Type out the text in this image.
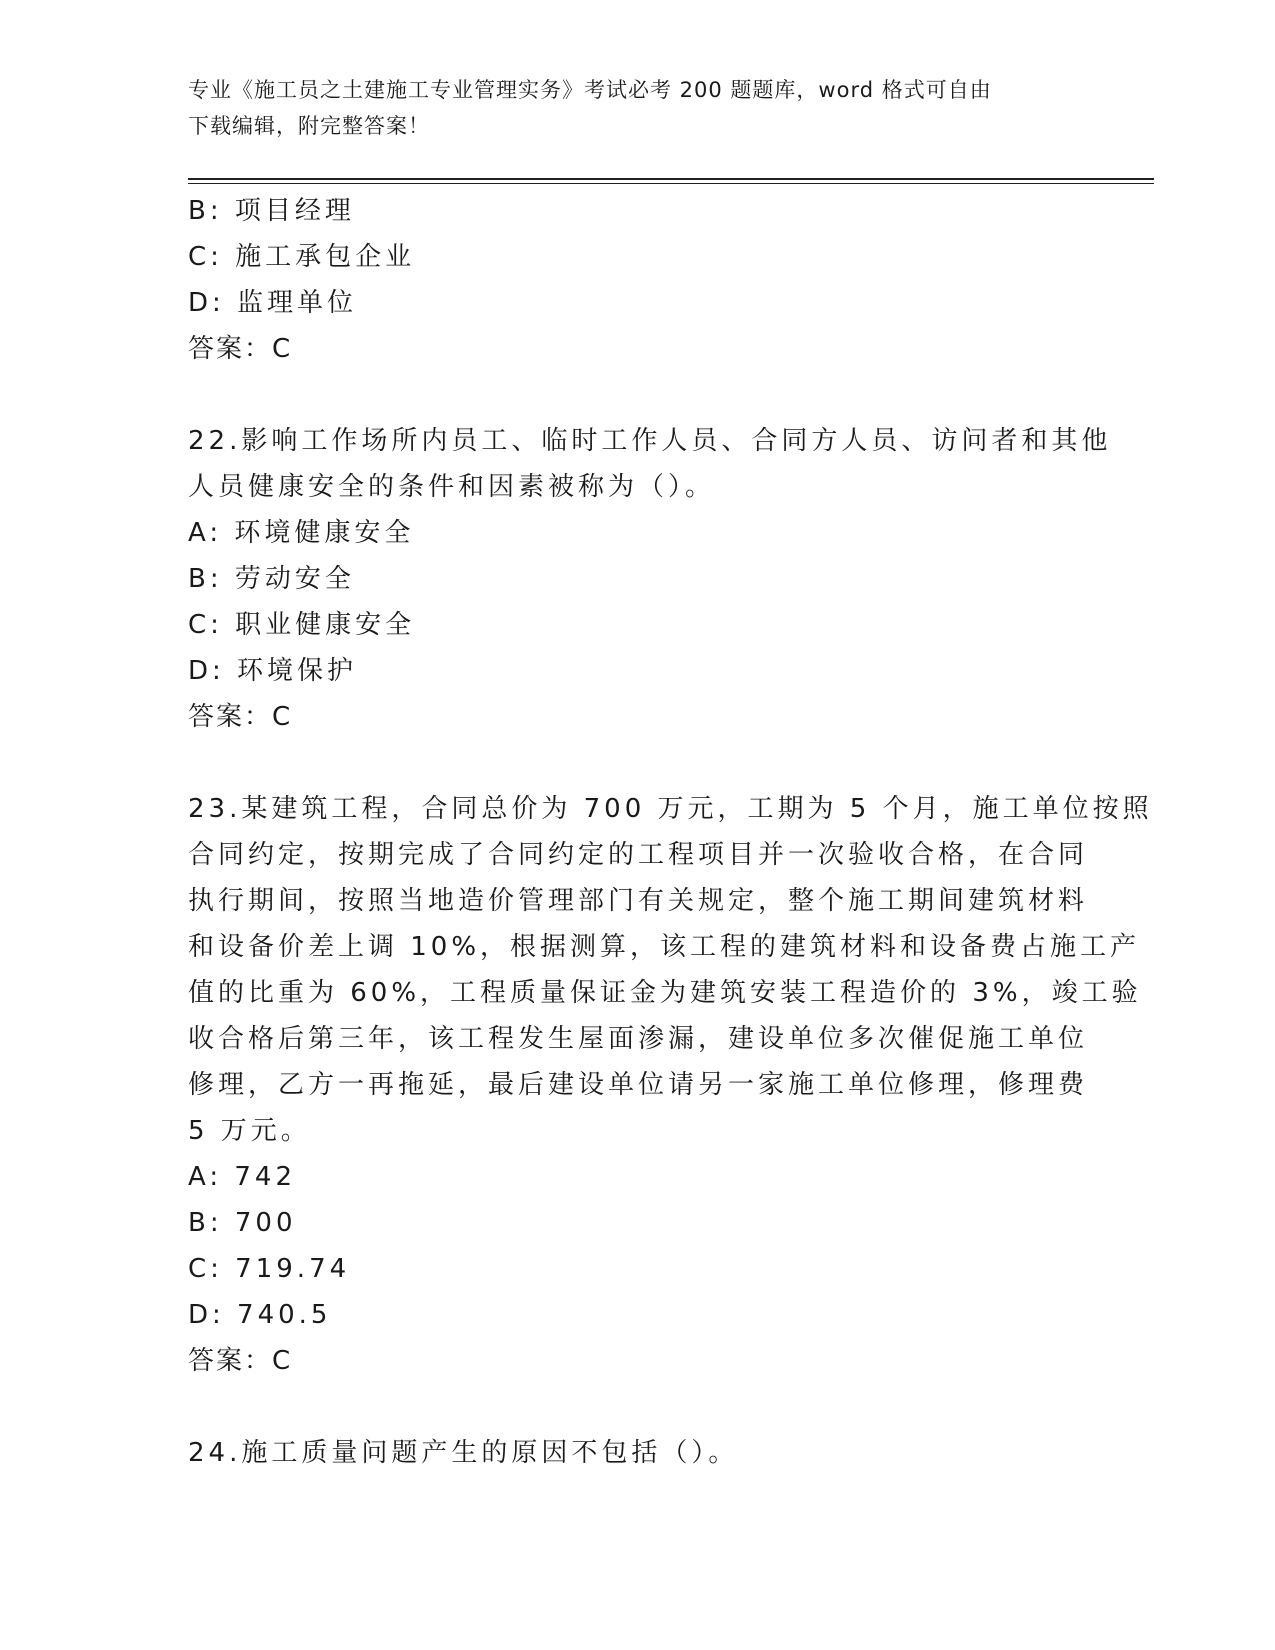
专业《施工员之土建施工专业管理实务》考试必考 200 题题库，word 格式可自由
下载编辑，附完整答案！
B: 项目经理
C: 施工承包企业
D: 监理单位
答案：C
22.影响工作场所内员工、临时工作人员、合同方人员、访问者和其他
人员健康安全的条件和因素被称为（）。
A: 环境健康安全
B: 劳动安全
C: 职业健康安全
D: 环境保护
答案：C
23.某建筑工程，合同总价为 700 万元，工期为 5 个月，施工单位按照
合同约定，按期完成了合同约定的工程项目并一次验收合格，在合同
执行期间，按照当地造价管理部门有关规定，整个施工期间建筑材料
和设备价差上调 10%，根据测算，该工程的建筑材料和设备费占施工产
值的比重为 60%，工程质量保证金为建筑安装工程造价的 3%，竣工验
收合格后第三年，该工程发生屋面渗漏，建设单位多次催促施工单位
修理，乙方一再拖延，最后建设单位请另一家施工单位修理，修理费
5 万元。
A: 742
B: 700
C: 719.74
D: 740.5
答案：C
24.施工质量问题产生的原因不包括（）。
